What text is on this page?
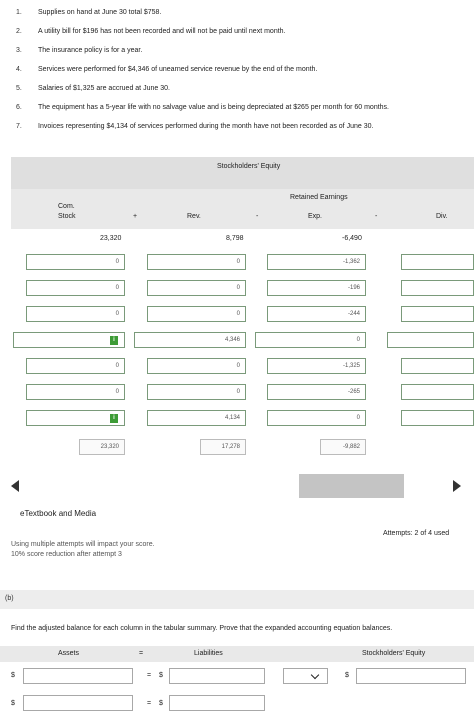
1. Supplies on hand at June 30 total $758.
2. A utility bill for $196 has not been recorded and will not be paid until next month.
3. The insurance policy is for a year.
4. Services were performed for $4,346 of unearned service revenue by the end of the month.
5. Salaries of $1,325 are accrued at June 30.
6. The equipment has a 5-year life with no salvage value and is being depreciated at $265 per month for 60 months.
7. Invoices representing $4,134 of services performed during the month have not been recorded as of June 30.
Stockholders' Equity
Retained Earnings
Com.
Stock	+	Rev.	-	Exp.	-	Div.
23,320	8,798	-6,490
0	0	-1,362
0	0	-196
0	0	-244
i	4,346	0
0	0	-1,325
0	0	-265
i	4,134	0
23,320	17,278	-9,882
eTextbook and Media
Attempts: 2 of 4 used
Using multiple attempts will impact your score.
10% score reduction after attempt 3
(b)
Find the adjusted balance for each column in the tabular summary. Prove that the expanded accounting equation balances.
Assets	=	Liabilities	Stockholders' Equity
$	= $	$
$	= $
